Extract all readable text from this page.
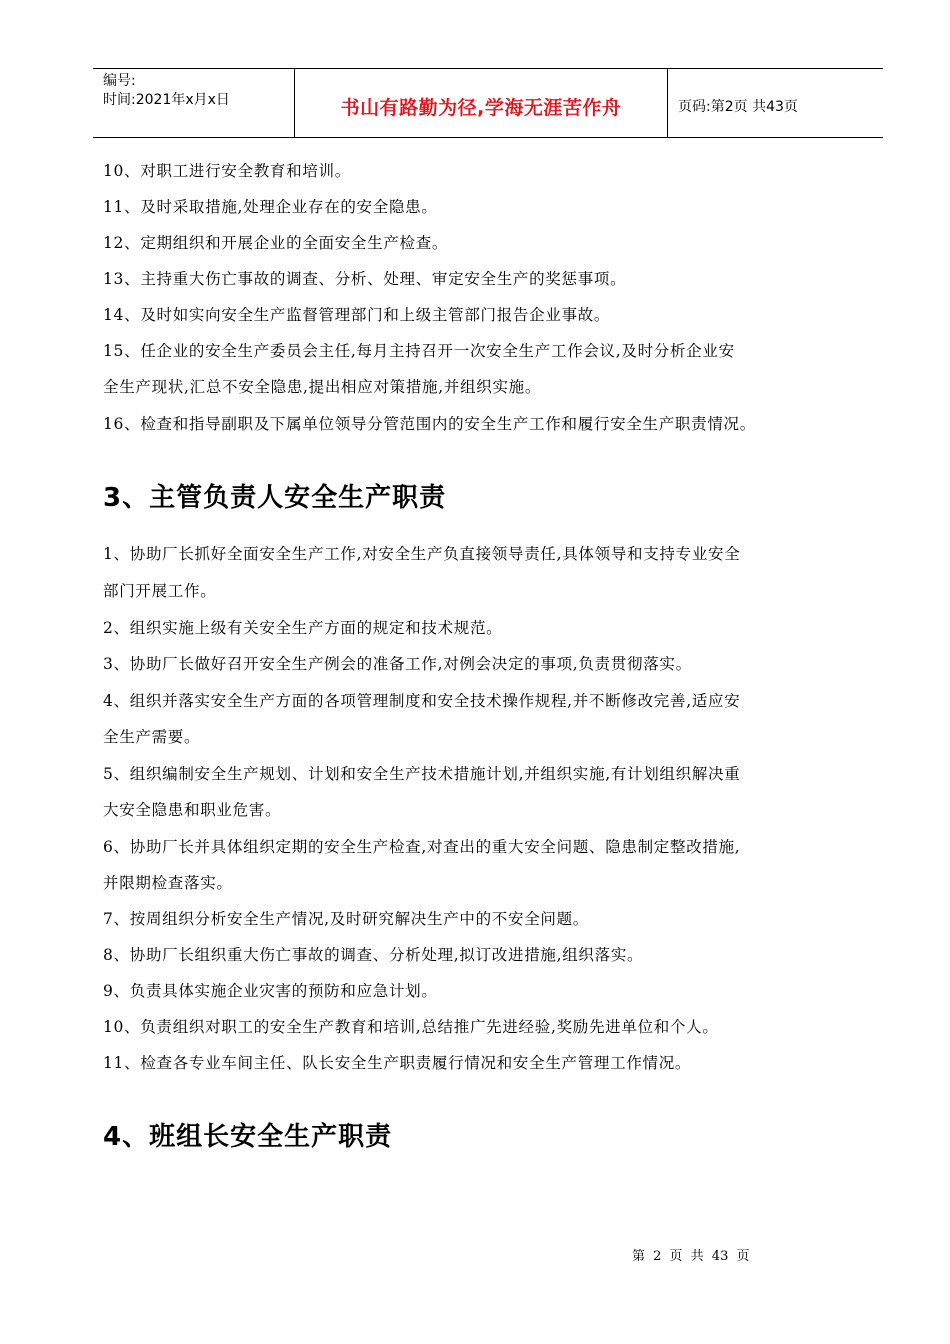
编号:
时间:2021年x月x日	书山有路勤为径,学海无涯苦作舟	页码:第2页 共43页
10、对职工进行安全教育和培训。
11、及时采取措施,处理企业存在的安全隐患。
12、定期组织和开展企业的全面安全生产检查。
13、主持重大伤亡事故的调查、分析、处理、审定安全生产的奖惩事项。
14、及时如实向安全生产监督管理部门和上级主管部门报告企业事故。
15、任企业的安全生产委员会主任,每月主持召开一次安全生产工作会议,及时分析企业安
全生产现状,汇总不安全隐患,提出相应对策措施,并组织实施。
16、检查和指导副职及下属单位领导分管范围内的安全生产工作和履行安全生产职责情况。
3、主管负责人安全生产职责
1、协助厂长抓好全面安全生产工作,对安全生产负直接领导责任,具体领导和支持专业安全
部门开展工作。
2、组织实施上级有关安全生产方面的规定和技术规范。
3、协助厂长做好召开安全生产例会的准备工作,对例会决定的事项,负责贯彻落实。
4、组织并落实安全生产方面的各项管理制度和安全技术操作规程,并不断修改完善,适应安
全生产需要。
5、组织编制安全生产规划、计划和安全生产技术措施计划,并组织实施,有计划组织解决重
大安全隐患和职业危害。
6、协助厂长并具体组织定期的安全生产检查,对查出的重大安全问题、隐患制定整改措施,
并限期检查落实。
7、按周组织分析安全生产情况,及时研究解决生产中的不安全问题。
8、协助厂长组织重大伤亡事故的调查、分析处理,拟订改进措施,组织落实。
9、负责具体实施企业灾害的预防和应急计划。
10、负责组织对职工的安全生产教育和培训,总结推广先进经验,奖励先进单位和个人。
11、检查各专业车间主任、队长安全生产职责履行情况和安全生产管理工作情况。
4、班组长安全生产职责
第 2 页 共 43 页
